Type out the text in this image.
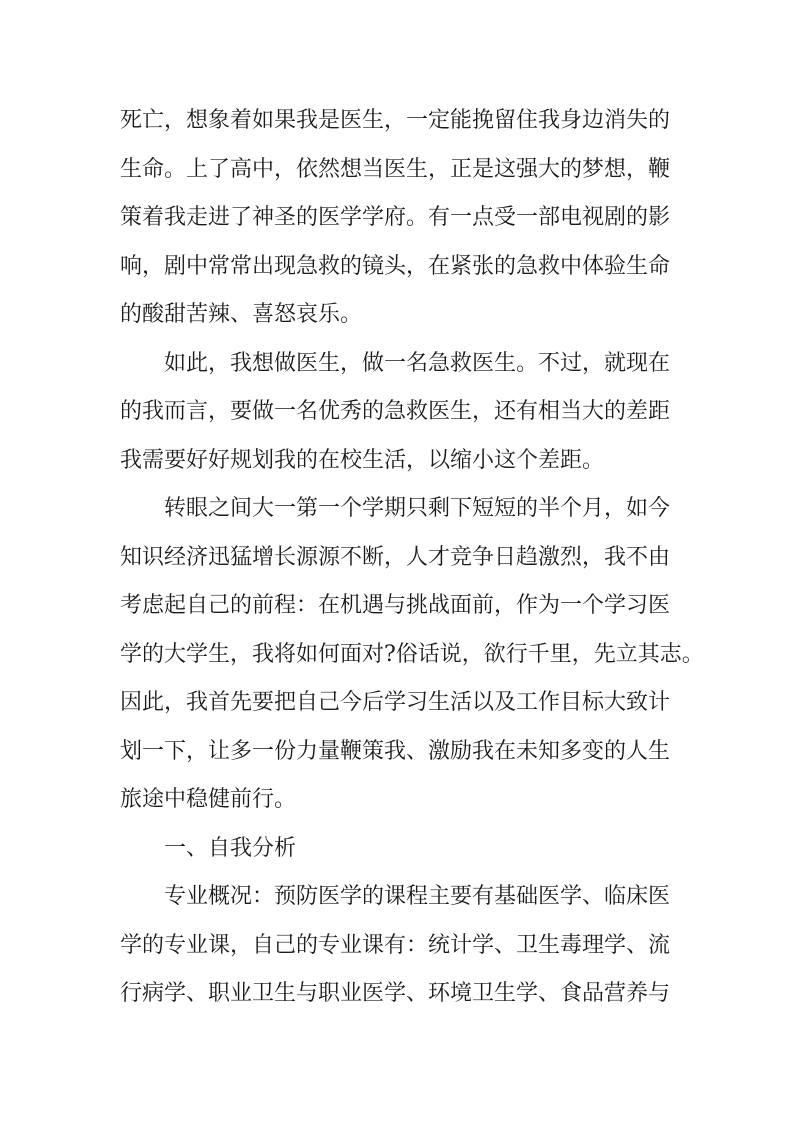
死亡，想象着如果我是医生，一定能挽留住我身边消失的
生命。上了高中，依然想当医生，正是这强大的梦想，鞭
策着我走进了神圣的医学学府。有一点受一部电视剧的影
响，剧中常常出现急救的镜头，在紧张的急救中体验生命
的酸甜苦辣、喜怒哀乐。
如此，我想做医生，做一名急救医生。不过，就现在
的我而言，要做一名优秀的急救医生，还有相当大的差距
我需要好好规划我的在校生活，以缩小这个差距。
转眼之间大一第一个学期只剩下短短的半个月，如今
知识经济迅猛增长源源不断，人才竞争日趋激烈，我不由
考虑起自己的前程：在机遇与挑战面前，作为一个学习医
学的大学生，我将如何面对?俗话说，欲行千里，先立其志。
因此，我首先要把自己今后学习生活以及工作目标大致计
划一下，让多一份力量鞭策我、激励我在未知多变的人生
旅途中稳健前行。
一、自我分析
专业概况：预防医学的课程主要有基础医学、临床医
学的专业课，自己的专业课有：统计学、卫生毒理学、流
行病学、职业卫生与职业医学、环境卫生学、食品营养与
